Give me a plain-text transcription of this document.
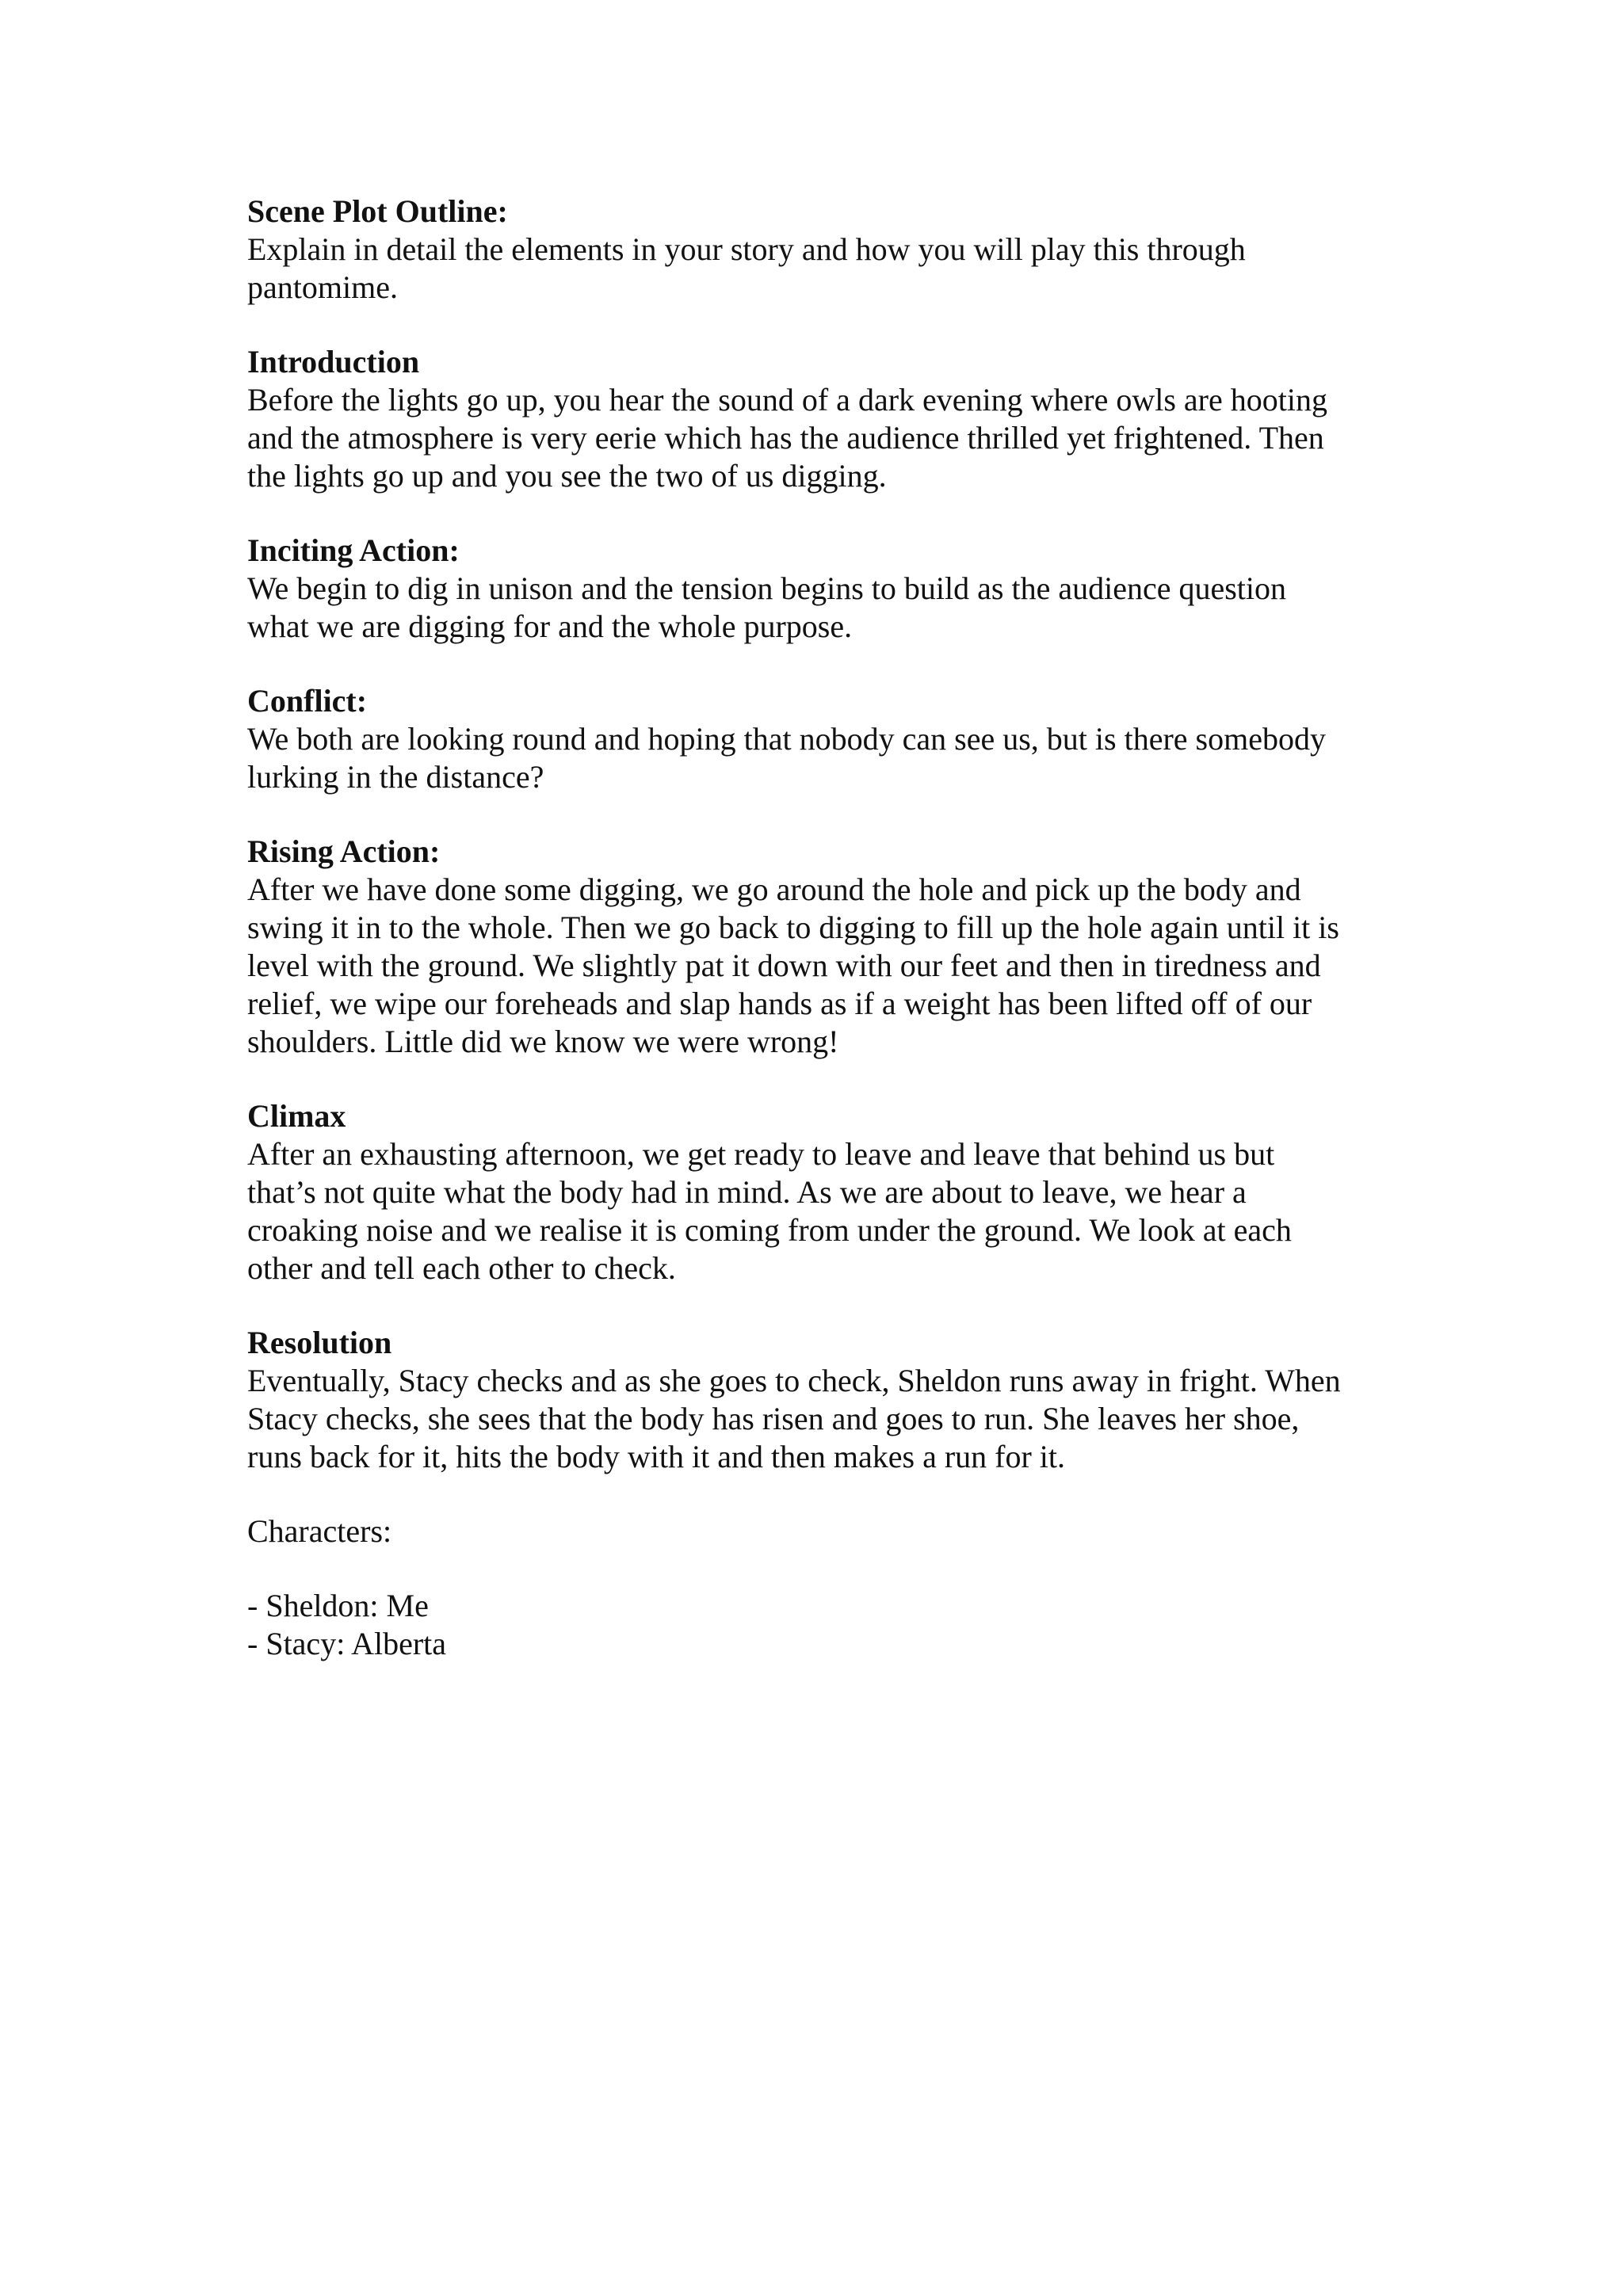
Scene Plot Outline:
Explain in detail the elements in your story and how you will play this through
pantomime.
Introduction
Before the lights go up, you hear the sound of a dark evening where owls are hooting
and the atmosphere is very eerie which has the audience thrilled yet frightened. Then
the lights go up and you see the two of us digging.
Inciting Action:
We begin to dig in unison and the tension begins to build as the audience question
what we are digging for and the whole purpose.
Conflict:
We both are looking round and hoping that nobody can see us, but is there somebody
lurking in the distance?
Rising Action:
After we have done some digging, we go around the hole and pick up the body and
swing it in to the whole. Then we go back to digging to fill up the hole again until it is
level with the ground. We slightly pat it down with our feet and then in tiredness and
relief, we wipe our foreheads and slap hands as if a weight has been lifted off of our
shoulders. Little did we know we were wrong!
Climax
After an exhausting afternoon, we get ready to leave and leave that behind us but
that’s not quite what the body had in mind. As we are about to leave, we hear a
croaking noise and we realise it is coming from under the ground. We look at each
other and tell each other to check.
Resolution
Eventually, Stacy checks and as she goes to check, Sheldon runs away in fright. When
Stacy checks, she sees that the body has risen and goes to run. She leaves her shoe,
runs back for it, hits the body with it and then makes a run for it.
Characters:
- Sheldon: Me
- Stacy: Alberta
